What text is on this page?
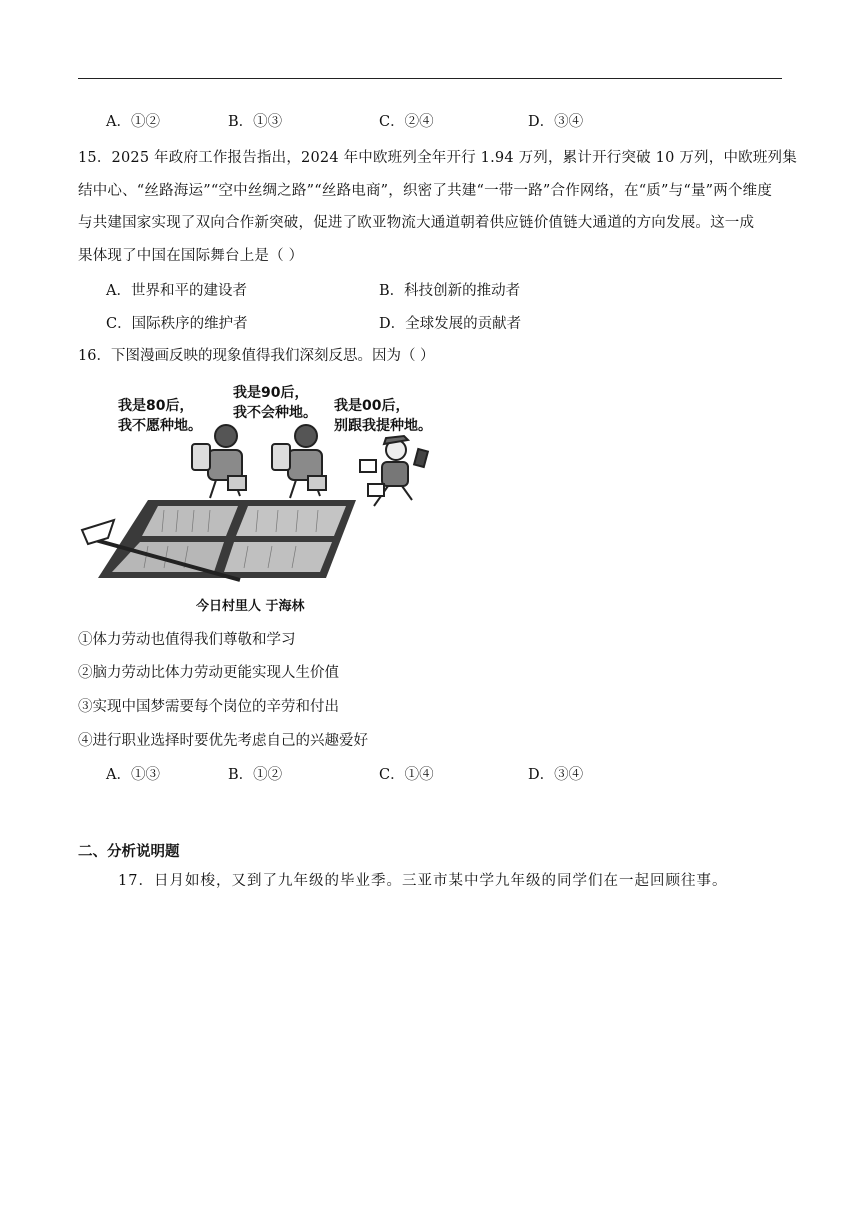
A．①②	B．①③	C．②④	D．③④
15．2025 年政府工作报告指出，2024 年中欧班列全年开行 1.94 万列，累计开行突破 10 万列，中欧班列集
结中心、“丝路海运”“空中丝绸之路”“丝路电商”，织密了共建“一带一路”合作网络，在“质”与“量”两个维度
与共建国家实现了双向合作新突破，促进了欧亚物流大通道朝着供应链价值链大通道的方向发展。这一成
果体现了中国在国际舞台上是（ ）
A．世界和平的建设者	B．科技创新的推动者
C．国际秩序的维护者	D．全球发展的贡献者
16．下图漫画反映的现象值得我们深刻反思。因为（ ）
我是80后，
我不愿种地。
我是90后，
我不会种地。 我是00后，
别跟我提种地。
今日村里人 于海林
①体力劳动也值得我们尊敬和学习
②脑力劳动比体力劳动更能实现人生价值
③实现中国梦需要每个岗位的辛劳和付出
④进行职业选择时要优先考虑自己的兴趣爱好
A．①③	B．①②	C．①④	D．③④
二、分析说明题
17．日月如梭，又到了九年级的毕业季。三亚市某中学九年级的同学们在一起回顾往事。
